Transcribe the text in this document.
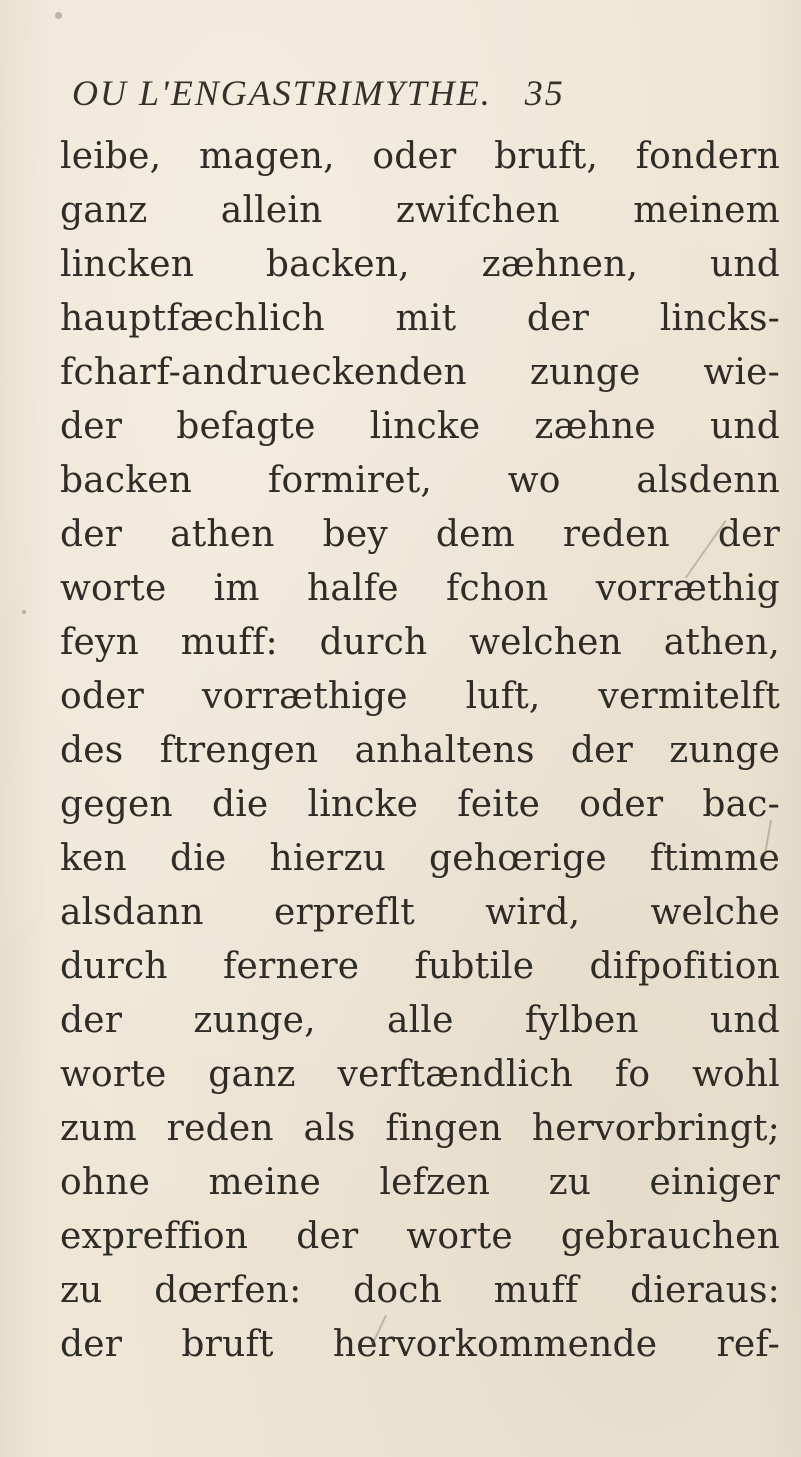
OU L'ENGASTRIMYTHE. 35
leibe, magen, oder bruft, fondern
ganz allein zwifchen meinem
lincken backen, zæhnen, und
hauptfæchlich mit der lincks-
fcharf-andrueckenden zunge wie-
der befagte lincke zæhne und
backen formiret, wo alsdenn
der athen bey dem reden der
worte im halfe fchon vorræthig
feyn muff: durch welchen athen,
oder vorræthige luft, vermitelft
des ftrengen anhaltens der zunge
gegen die lincke feite oder bac-
ken die hierzu gehœrige ftimme
alsdann erpreflt wird, welche
durch fernere fubtile difpofition
der zunge, alle fylben und
worte ganz verftændlich fo wohl
zum reden als fingen hervorbringt;
ohne meine lefzen zu einiger
expreffion der worte gebrauchen
zu dœrfen: doch muff dieraus:
der bruft hervorkommende ref-
